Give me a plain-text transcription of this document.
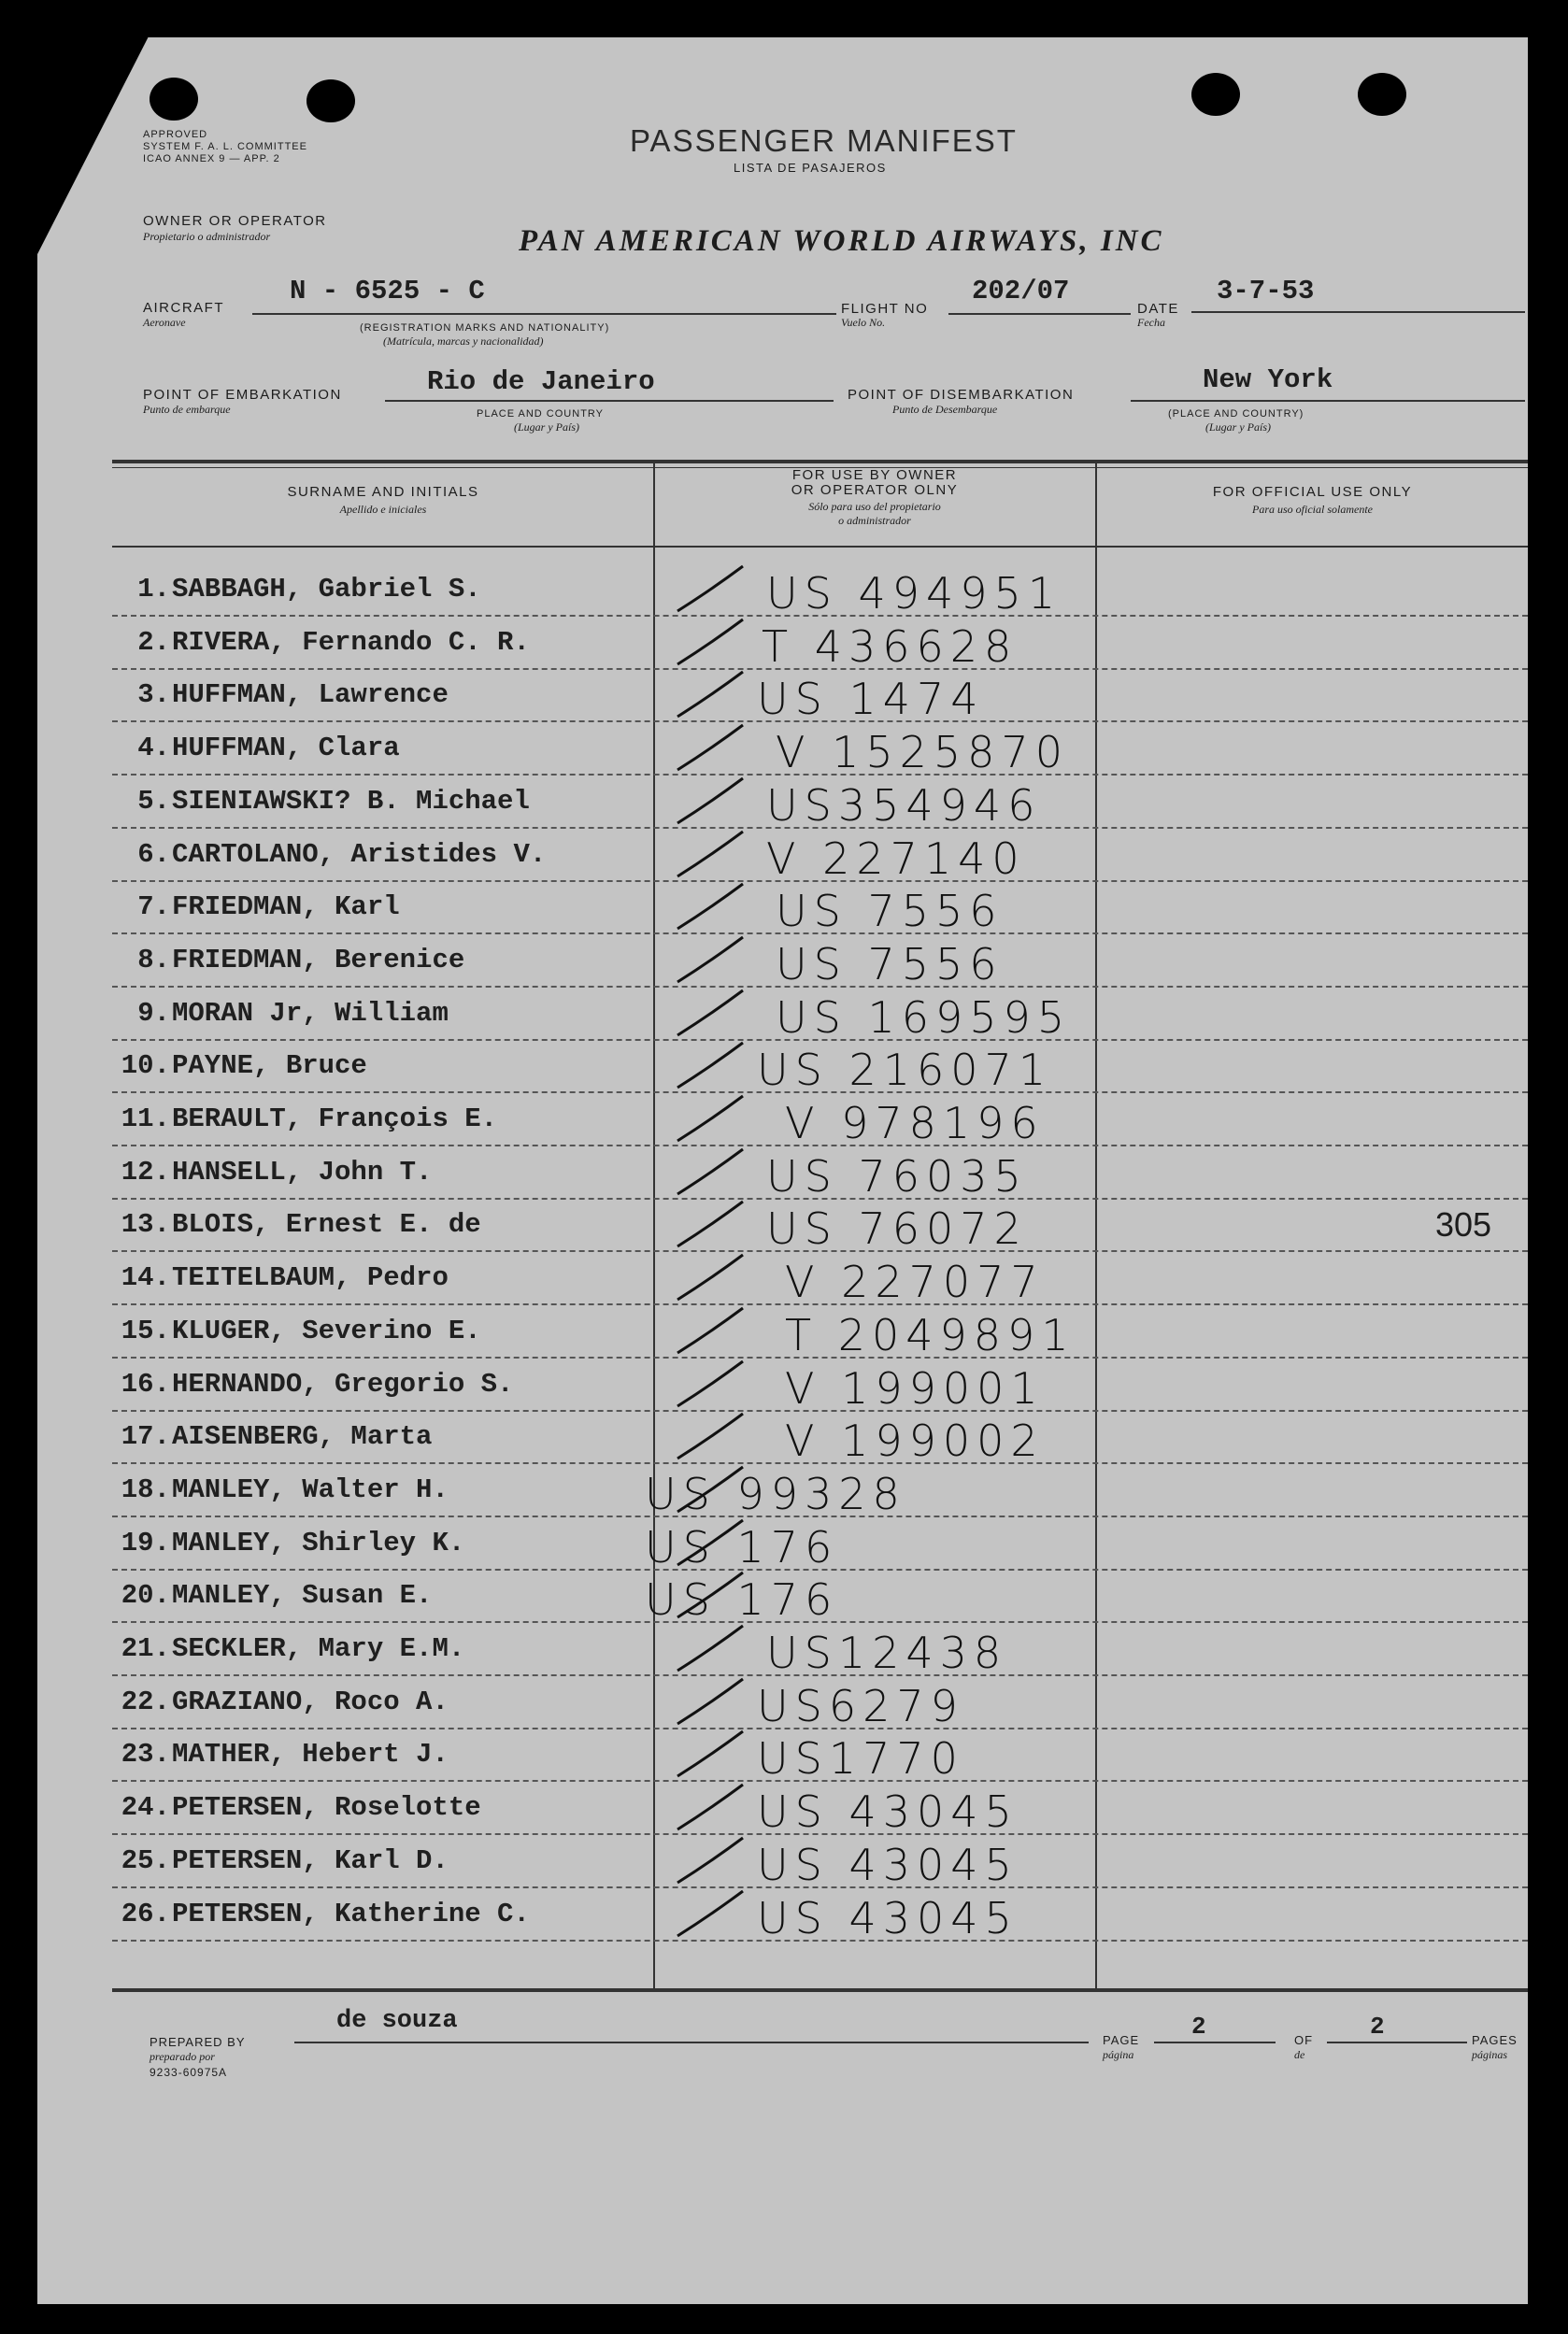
APPROVED
SYSTEM F. A. L. COMMITTEE
ICAO ANNEX 9 — APP. 2
PASSENGER MANIFEST
LISTA DE PASAJEROS
OWNER OR OPERATOR
Propietario o administrador	PAN AMERICAN WORLD AIRWAYS, INC
AIRCRAFT
Aeronave
N - 6525 - C
(REGISTRATION MARKS AND NATIONALITY)
(Matrícula, marcas y nacionalidad)
FLIGHT NO
Vuelo No.
202/07
DATE
Fecha
3-7-53
POINT OF EMBARKATION
Punto de embarque
Rio de Janeiro
PLACE AND COUNTRY
(Lugar y País)
POINT OF DISEMBARKATION
Punto de Desembarque
New York
(PLACE AND COUNTRY)
(Lugar y País)
SURNAME AND INITIALS
Apellido e iniciales
FOR USE BY OWNER
OR OPERATOR OLNY
Sólo para uso del propietario
o administrador
FOR OFFICIAL USE ONLY
Para uso oficial solamente
1. SABBAGH, Gabriel S.	US 494951
2. RIVERA, Fernando C. R.	T 436628
3. HUFFMAN, Lawrence	US 1474
4. HUFFMAN, Clara	V 1525870
5. SIENIAWSKI? B. Michael	US354946
6. CARTOLANO, Aristides V.	V 227140
7. FRIEDMAN, Karl	US 7556
8. FRIEDMAN, Berenice	US 7556
9. MORAN Jr, William	US 169595
10. PAYNE, Bruce	US 216071
11. BERAULT, François E.	V 978196
12. HANSELL, John T.	US 76035
13. BLOIS, Ernest E. de	US 76072	305
14. TEITELBAUM, Pedro	V 227077
15. KLUGER, Severino E.	T 2049891
16. HERNANDO, Gregorio S.	V 199001
17. AISENBERG, Marta	V 199002
18. MANLEY, Walter H.	US 99328
19. MANLEY, Shirley K.	US 176
20. MANLEY, Susan E.	US 176
21. SECKLER, Mary E.M.	US12438
22. GRAZIANO, Roco A.	US6279
23. MATHER, Hebert J.	US1770
24. PETERSEN, Roselotte	US 43045
25. PETERSEN, Karl D.	US 43045
26. PETERSEN, Katherine C.	US 43045
PREPARED BY
preparado por
9233-60975A
de souza
PAGE
página
2	OF
de
2	PAGES
páginas
